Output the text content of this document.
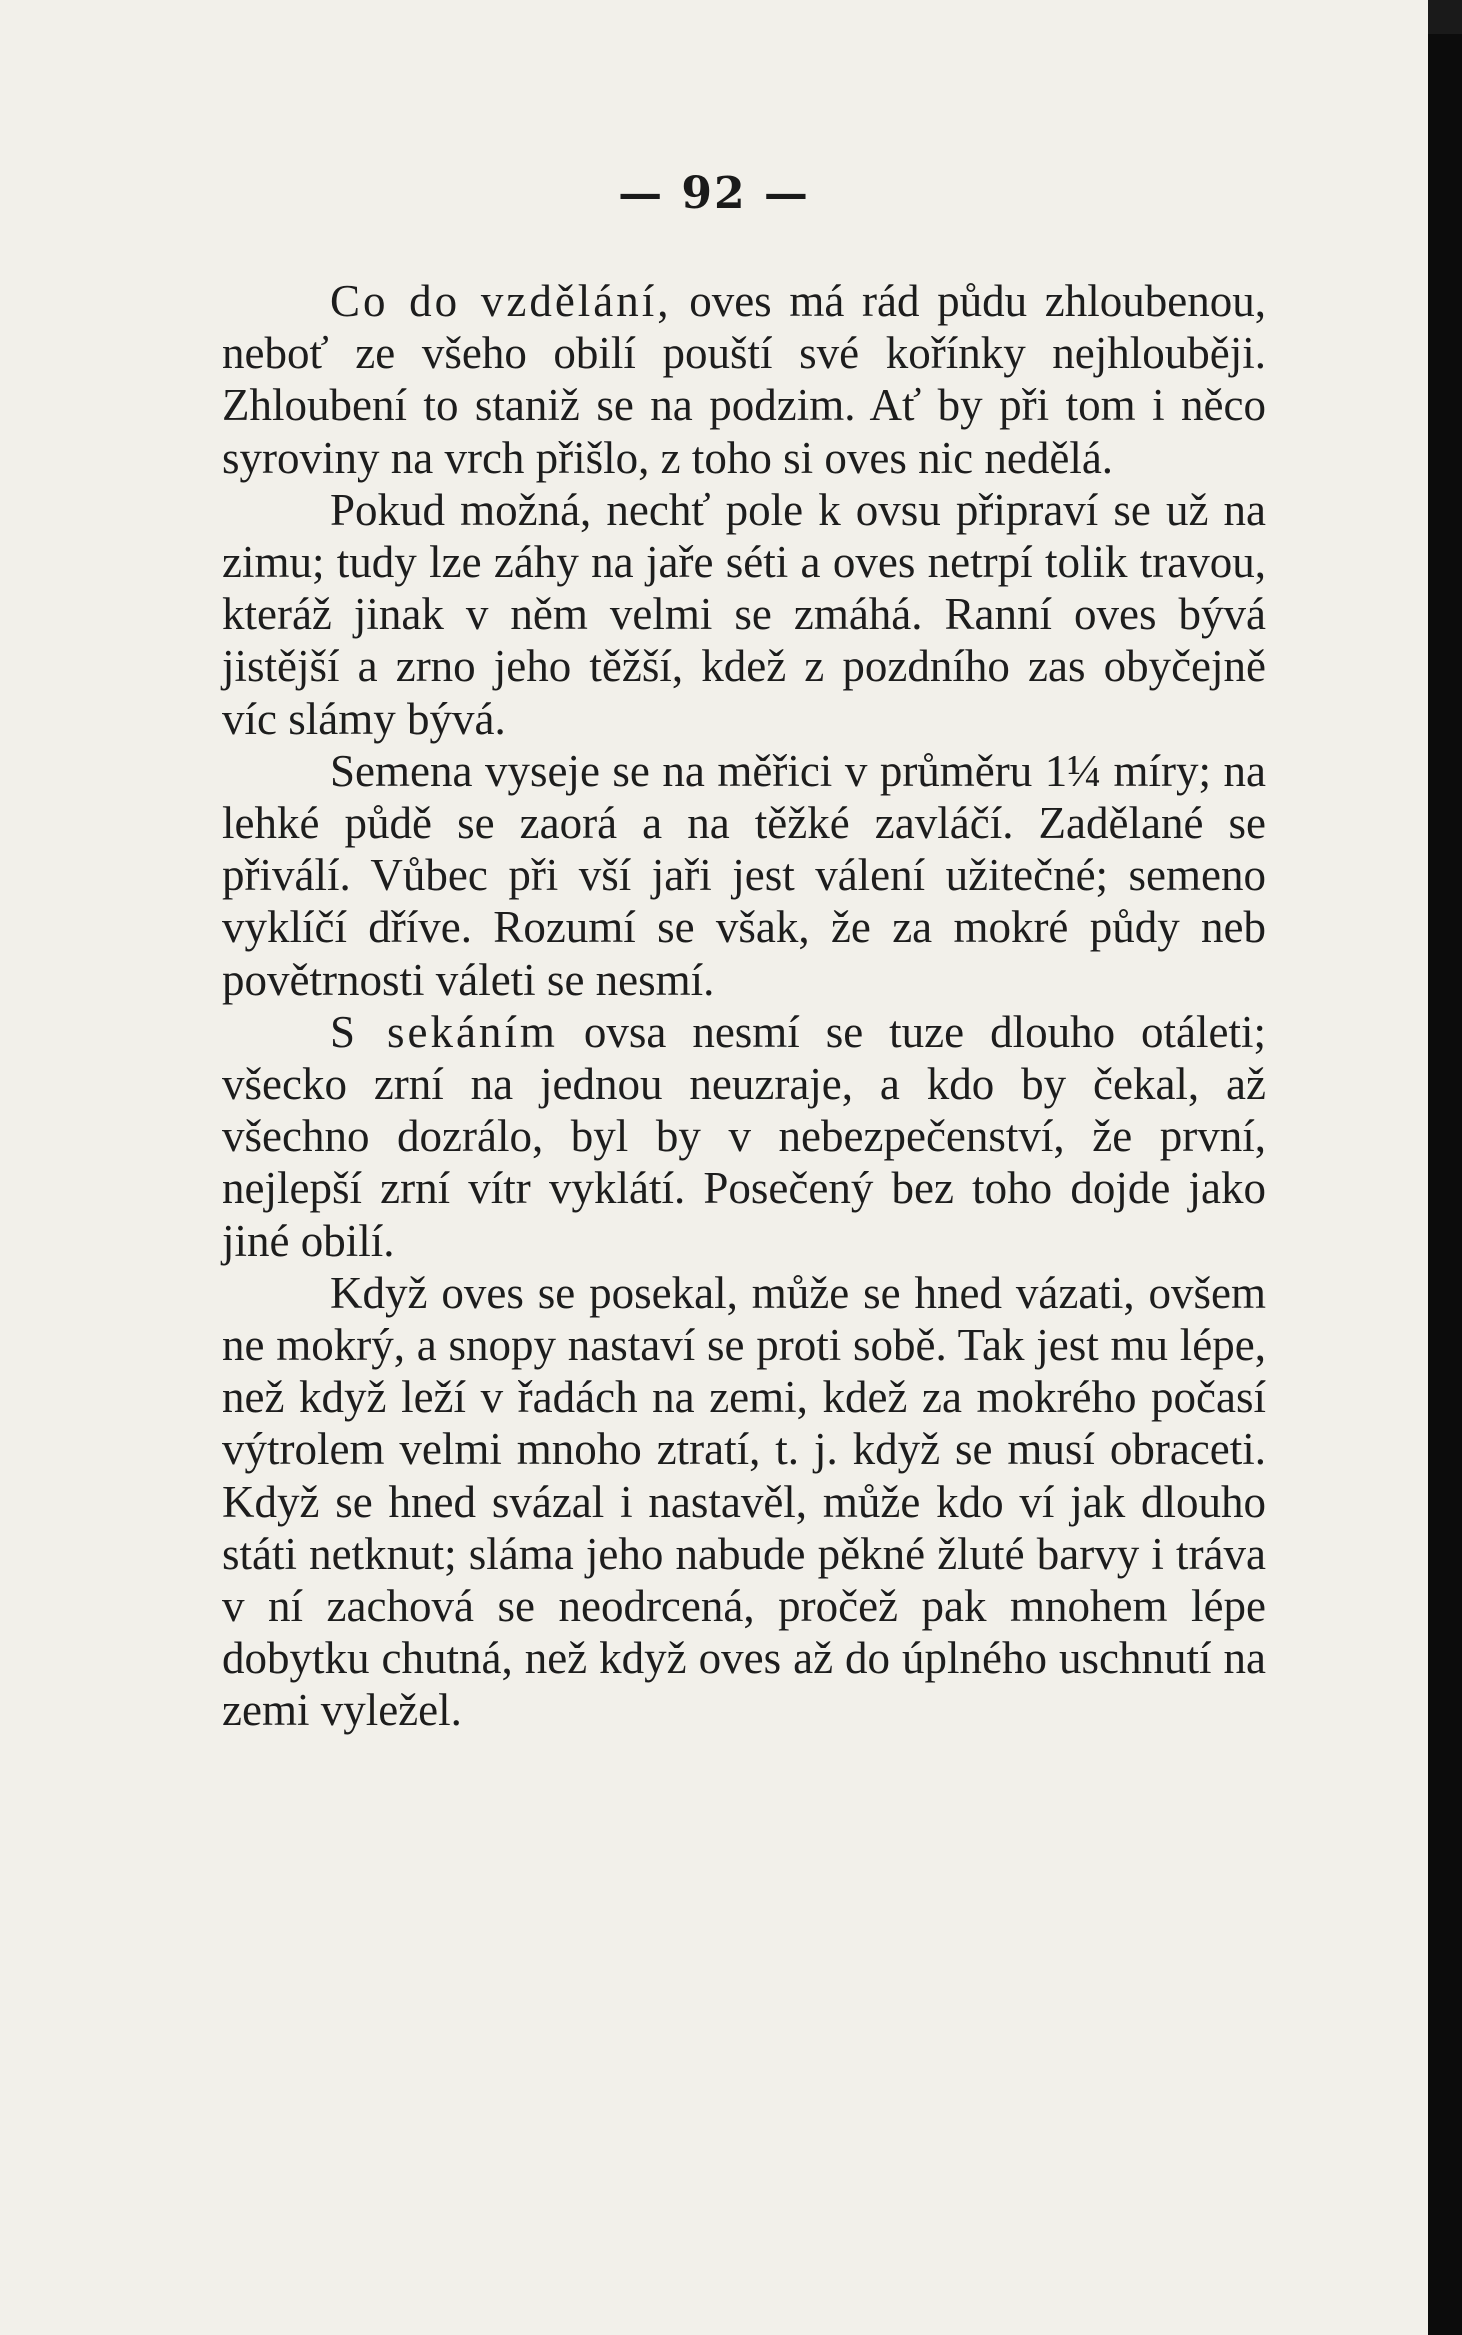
— 92 —

Co do vzdělání, oves má rád půdu zhloubenou, neboť ze všeho obilí pouští své kořínky nejhlouběji. Zhloubení to staniž se na podzim. Ať by při tom i něco syroviny na vrch přišlo, z toho si oves nic nedělá.

Pokud možná, nechť pole k ovsu připraví se už na zimu; tudy lze záhy na jaře séti a oves netrpí tolik travou, kteráž jinak v něm velmi se zmáhá. Ranní oves bývá jistější a zrno jeho těžší, kdež z pozdního zas obyčejně víc slámy bývá.

Semena vyseje se na měřici v průměru 1¼ míry; na lehké půdě se zaorá a na těžké zavláčí. Zadělané se přiválí. Vůbec při vší jaři jest válení užitečné; semeno vyklíčí dříve. Rozumí se však, že za mokré půdy neb povětrnosti váleti se nesmí.

S sekáním ovsa nesmí se tuze dlouho otáleti; všecko zrní na jednou neuzraje, a kdo by čekal, až všechno dozrálo, byl by v nebezpečenství, že první, nejlepší zrní vítr vyklátí. Posečený bez toho dojde jako jiné obilí.

Když oves se posekal, může se hned vázati, ovšem ne mokrý, a snopy nastaví se proti sobě. Tak jest mu lépe, než když leží v řadách na zemi, kdež za mokrého počasí výtrolem velmi mnoho ztratí, t. j. když se musí obraceti. Když se hned svázal i nastavěl, může kdo ví jak dlouho státi netknut; sláma jeho nabude pěkné žluté barvy i tráva v ní zachová se neodrcená, pročež pak mnohem lépe dobytku chutná, než když oves až do úplného uschnutí na zemi vyležel.
